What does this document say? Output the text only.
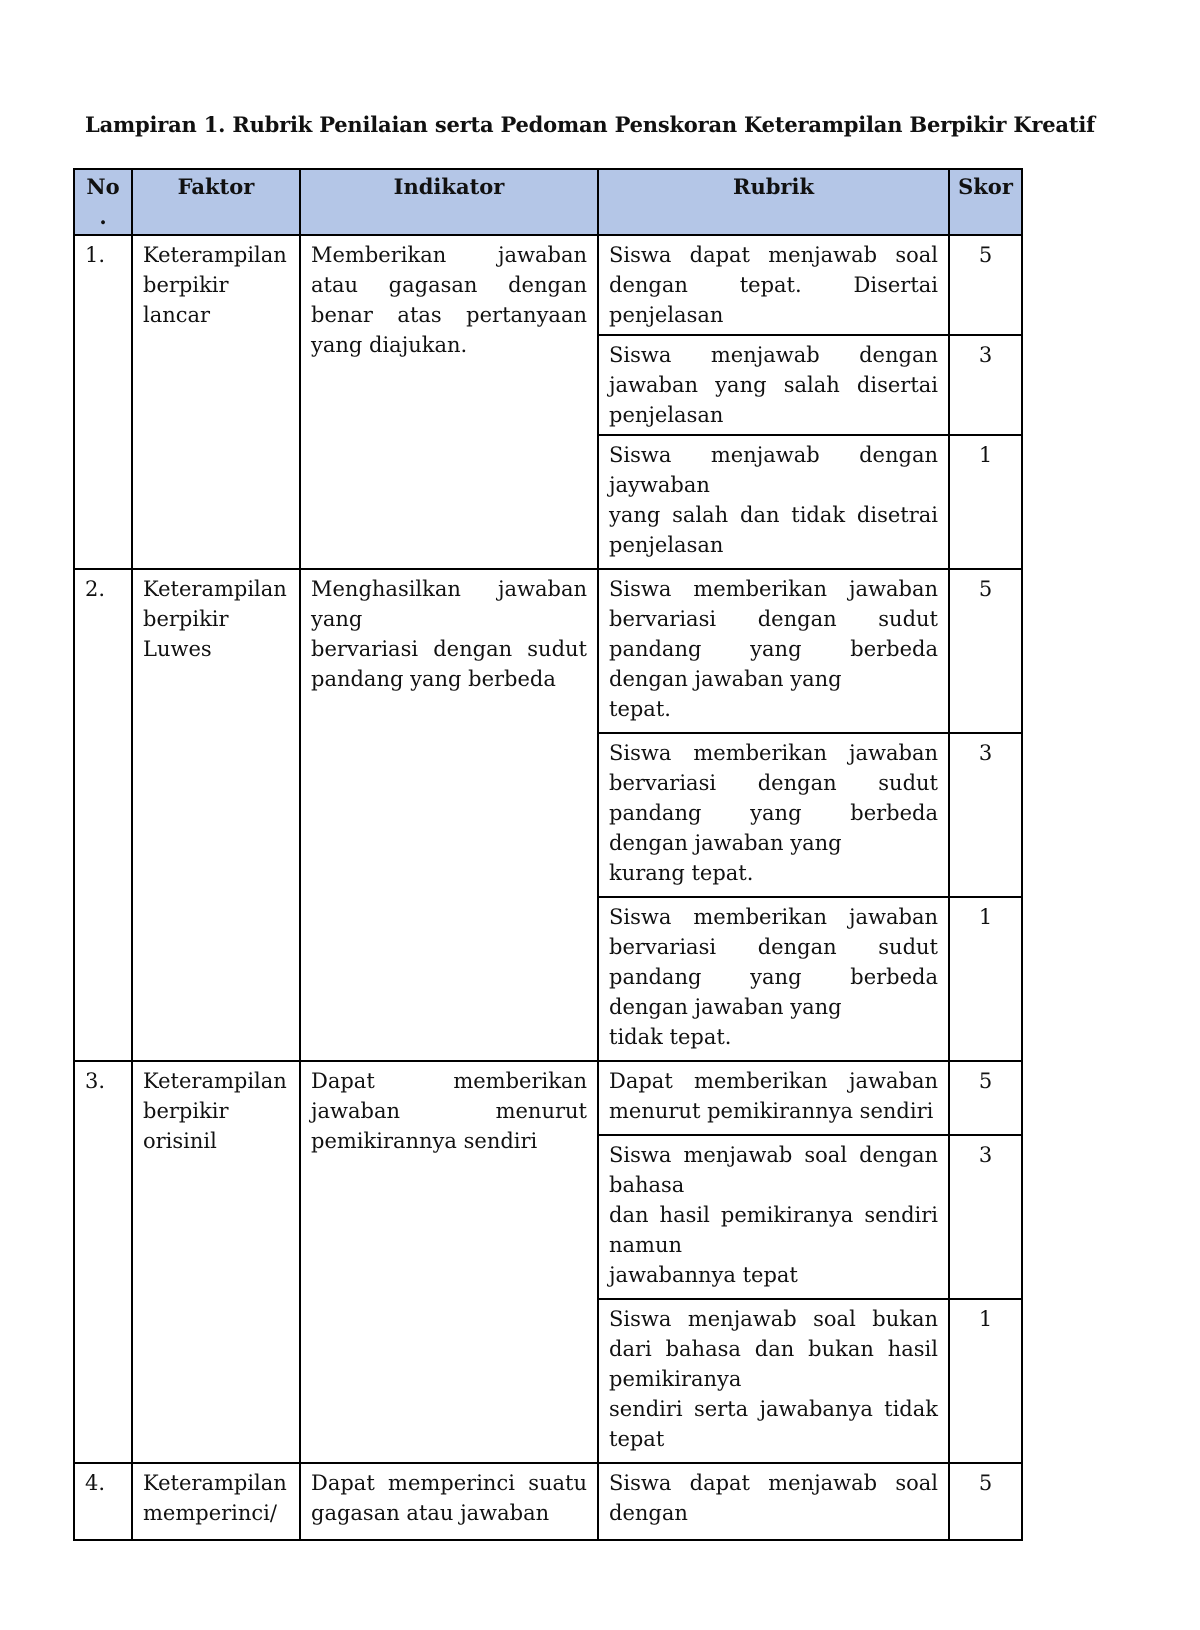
Lampiran 1. Rubrik Penilaian serta Pedoman Penskoran Keterampilan Berpikir Kreatif
No
.	Faktor	Indikator	Rubrik	Skor
1.	Keterampilan
berpikir
lancar	Memberikan jawaban atau gagasan dengan benar atas pertanyaan yang diajukan.	Siswa dapat menjawab soal dengan tepat. Disertai penjelasan	5
			Siswa menjawab dengan jawaban yang salah disertai penjelasan	3
			Siswa menjawab dengan jaywaban
yang salah dan tidak disetrai penjelasan	1
2.	Keterampilan
berpikir
Luwes	Menghasilkan jawaban yang
bervariasi dengan sudut pandang yang berbeda	Siswa memberikan jawaban bervariasi dengan sudut pandang yang berbeda dengan jawaban yang
tepat.	5
			Siswa memberikan jawaban bervariasi dengan sudut pandang yang berbeda dengan jawaban yang
kurang tepat.	3
			Siswa memberikan jawaban bervariasi dengan sudut pandang yang berbeda dengan jawaban yang
tidak tepat.	1
3.	Keterampilan
berpikir
orisinil	Dapat memberikan jawaban menurut pemikirannya sendiri	Dapat memberikan jawaban menurut pemikirannya sendiri	5
			Siswa menjawab soal dengan bahasa
dan hasil pemikiranya sendiri namun
jawabannya tepat	3
			Siswa menjawab soal bukan dari bahasa dan bukan hasil pemikiranya
sendiri serta jawabanya tidak tepat	1
4.	Keterampilan
memperinci/	Dapat memperinci suatu gagasan atau jawaban	Siswa dapat menjawab soal dengan	5
